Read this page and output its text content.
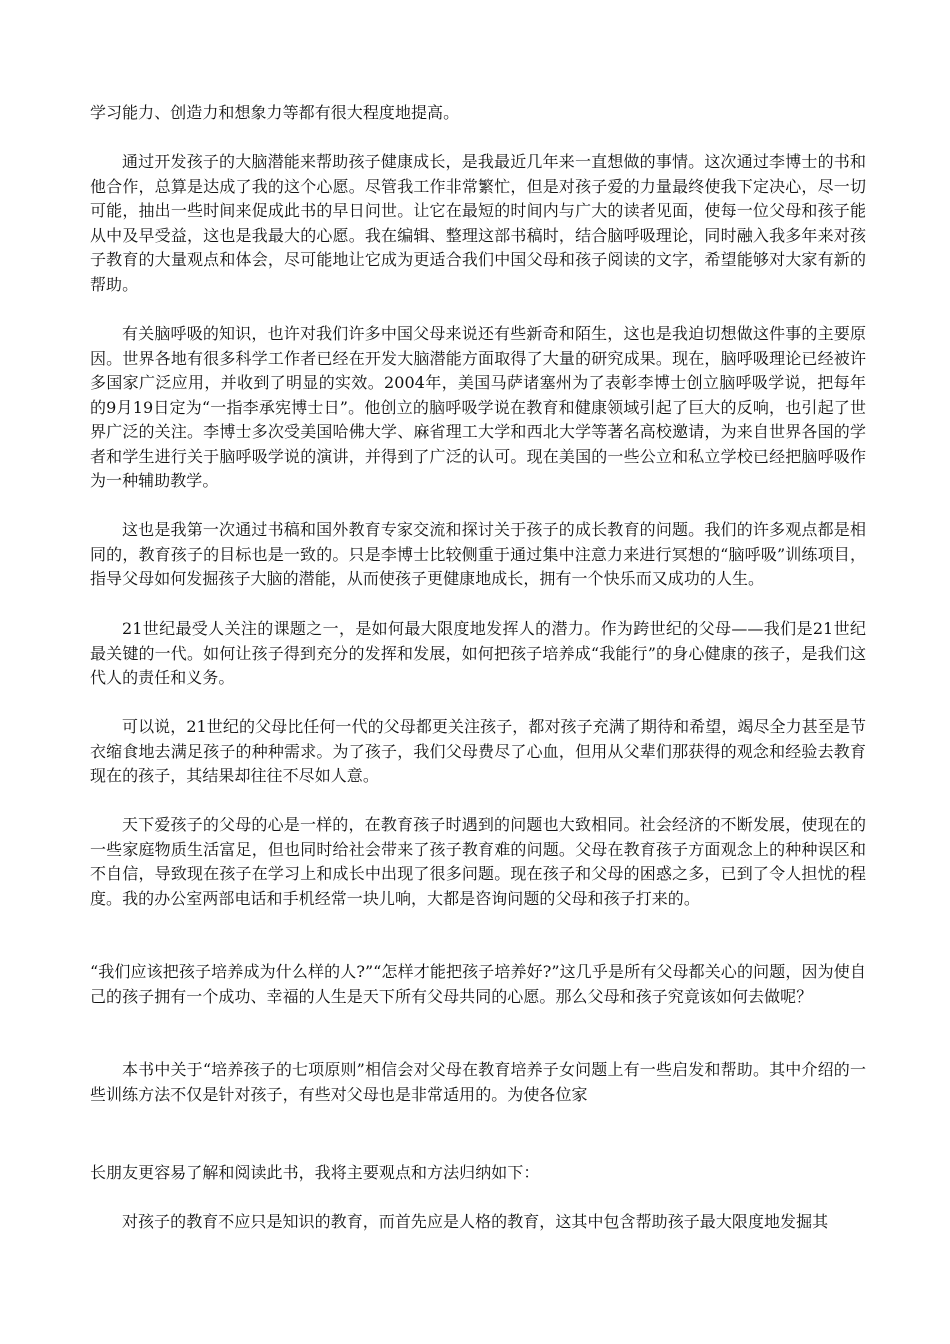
学习能力、创造力和想象力等都有很大程度地提高。

通过开发孩子的大脑潜能来帮助孩子健康成长，是我最近几年来一直想做的事情。这次通过李博士的书和他合作，总算是达成了我的这个心愿。尽管我工作非常繁忙，但是对孩子爱的力量最终使我下定决心，尽一切可能，抽出一些时间来促成此书的早日问世。让它在最短的时间内与广大的读者见面，使每一位父母和孩子能从中及早受益，这也是我最大的心愿。我在编辑、整理这部书稿时，结合脑呼吸理论，同时融入我多年来对孩子教育的大量观点和体会，尽可能地让它成为更适合我们中国父母和孩子阅读的文字，希望能够对大家有新的帮助。

有关脑呼吸的知识，也许对我们许多中国父母来说还有些新奇和陌生，这也是我迫切想做这件事的主要原因。世界各地有很多科学工作者已经在开发大脑潜能方面取得了大量的研究成果。现在，脑呼吸理论已经被许多国家广泛应用，并收到了明显的实效。2004年，美国马萨诸塞州为了表彰李博士创立脑呼吸学说，把每年的9月19日定为“一指李承宪博士日”。他创立的脑呼吸学说在教育和健康领域引起了巨大的反响，也引起了世界广泛的关注。李博士多次受美国哈佛大学、麻省理工大学和西北大学等著名高校邀请，为来自世界各国的学者和学生进行关于脑呼吸学说的演讲，并得到了广泛的认可。现在美国的一些公立和私立学校已经把脑呼吸作为一种辅助教学。

这也是我第一次通过书稿和国外教育专家交流和探讨关于孩子的成长教育的问题。我们的许多观点都是相同的，教育孩子的目标也是一致的。只是李博士比较侧重于通过集中注意力来进行冥想的“脑呼吸”训练项目，指导父母如何发掘孩子大脑的潜能，从而使孩子更健康地成长，拥有一个快乐而又成功的人生。

21世纪最受人关注的课题之一，是如何最大限度地发挥人的潜力。作为跨世纪的父母——我们是21世纪最关键的一代。如何让孩子得到充分的发挥和发展，如何把孩子培养成“我能行”的身心健康的孩子，是我们这代人的责任和义务。

可以说，21世纪的父母比任何一代的父母都更关注孩子，都对孩子充满了期待和希望，竭尽全力甚至是节衣缩食地去满足孩子的种种需求。为了孩子，我们父母费尽了心血，但用从父辈们那获得的观念和经验去教育现在的孩子，其结果却往往不尽如人意。

天下爱孩子的父母的心是一样的，在教育孩子时遇到的问题也大致相同。社会经济的不断发展，使现在的一些家庭物质生活富足，但也同时给社会带来了孩子教育难的问题。父母在教育孩子方面观念上的种种误区和不自信，导致现在孩子在学习上和成长中出现了很多问题。现在孩子和父母的困惑之多，已到了令人担忧的程度。我的办公室两部电话和手机经常一块儿响，大都是咨询问题的父母和孩子打来的。

“我们应该把孩子培养成为什么样的人?”“怎样才能把孩子培养好?”这几乎是所有父母都关心的问题，因为使自己的孩子拥有一个成功、幸福的人生是天下所有父母共同的心愿。那么父母和孩子究竟该如何去做呢？

本书中关于“培养孩子的七项原则”相信会对父母在教育培养子女问题上有一些启发和帮助。其中介绍的一些训练方法不仅是针对孩子，有些对父母也是非常适用的。为使各位家

长朋友更容易了解和阅读此书，我将主要观点和方法归纳如下：

对孩子的教育不应只是知识的教育，而首先应是人格的教育，这其中包含帮助孩子最大限度地发掘其
